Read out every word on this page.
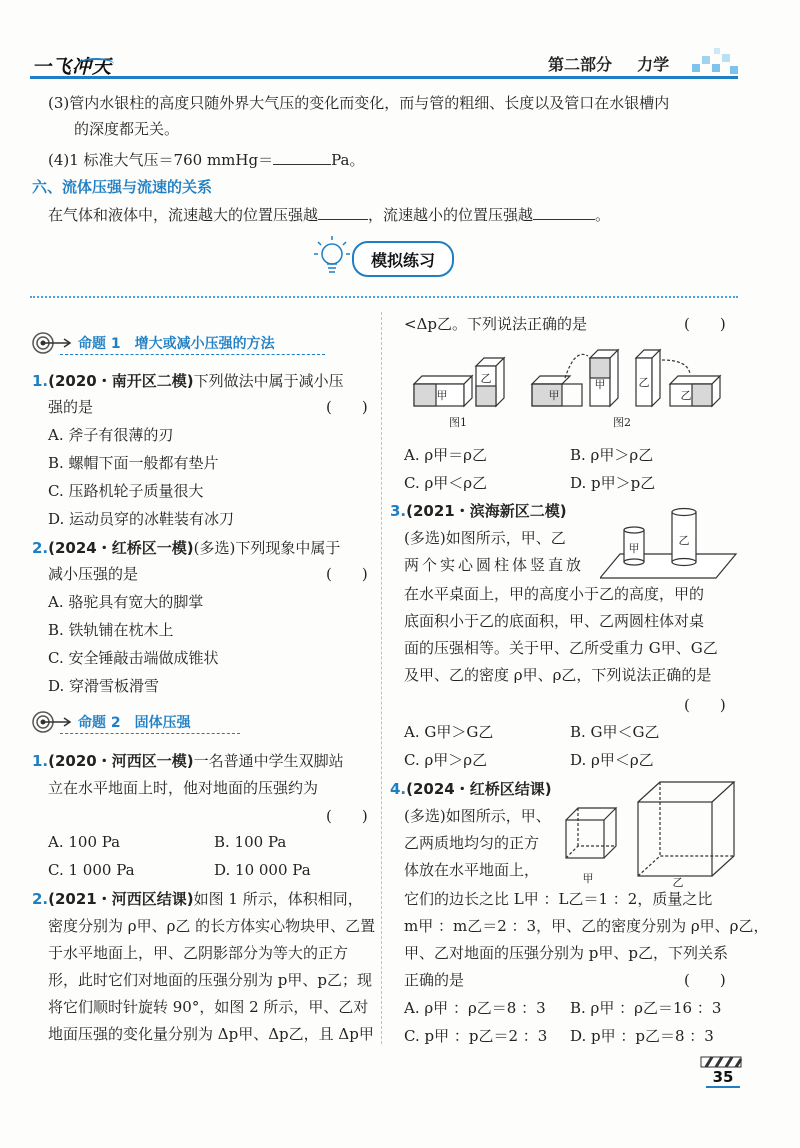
一飞冲天	第二部分 力学
(3)管内水银柱的高度只随外界大气压的变化而变化，而与管的粗细、长度以及管口在水银槽内
的深度都无关。
(4)1 标准大气压＝760 mmHg＝	Pa。
六、流体压强与流速的关系
在气体和液体中，流速越大的位置压强越	，流速越小的位置压强越	。
模拟练习
命题 1　增大或减小压强的方法
1.(2020・南开区二模)下列做法中属于减小压
强的是	(　　)
A. 斧子有很薄的刃
B. 螺帽下面一般都有垫片
C. 压路机轮子质量很大
D. 运动员穿的冰鞋装有冰刀
2.(2024・红桥区一模)(多选)下列现象中属于
减小压强的是	(　　)
A. 骆驼具有宽大的脚掌
B. 铁轨铺在枕木上
C. 安全锤敲击端做成锥状
D. 穿滑雪板滑雪
命题 2　固体压强
1.(2020・河西区一模)一名普通中学生双脚站
立在水平地面上时，他对地面的压强约为
(　　)
A. 100 Pa	B. 100 Pa
C. 1 000 Pa	D. 10 000 Pa
2.(2021・河西区结课)如图 1 所示，体积相同，
密度分别为 ρ甲、ρ乙 的长方体实心物块甲、乙置
于水平地面上，甲、乙阴影部分为等大的正方
形，此时它们对地面的压强分别为 p甲、p乙；现
将它们顺时针旋转 90°，如图 2 所示，甲、乙对
地面压强的变化量分别为 Δp甲、Δp乙，且 Δp甲
<Δp乙。下列说法正确的是	(　　)
甲
乙
甲
甲	乙
乙
图1	图2
A. ρ甲＝ρ乙	B. ρ甲＞ρ乙
C. ρ甲＜ρ乙	D. p甲＞p乙
3.(2021・滨海新区二模)
(多选)如图所示，甲、乙
两个实心圆柱体竖直放
甲
乙
在水平桌面上，甲的高度小于乙的高度，甲的
底面积小于乙的底面积，甲、乙两圆柱体对桌
面的压强相等。关于甲、乙所受重力 G甲、G乙
及甲、乙的密度 ρ甲、ρ乙，下列说法正确的是
(　　)
A. G甲＞G乙	B. G甲＜G乙
C. ρ甲＞ρ乙	D. ρ甲＜ρ乙
4.(2024・红桥区结课)
(多选)如图所示，甲、
乙两质地均匀的正方
体放在水平地面上，	甲	乙
它们的边长之比 L甲 ：L乙＝1 ：2，质量之比
m甲 ：m乙＝2 ：3，甲、乙的密度分别为 ρ甲、ρ乙，
甲、乙对地面的压强分别为 p甲、p乙，下列关系
正确的是	(　　)
A. ρ甲 ：ρ乙＝8 ：3 B. ρ甲 ：ρ乙＝16 ：3
C. p甲 ：p乙＝2 ：3 D. p甲 ：p乙＝8 ：3
35
